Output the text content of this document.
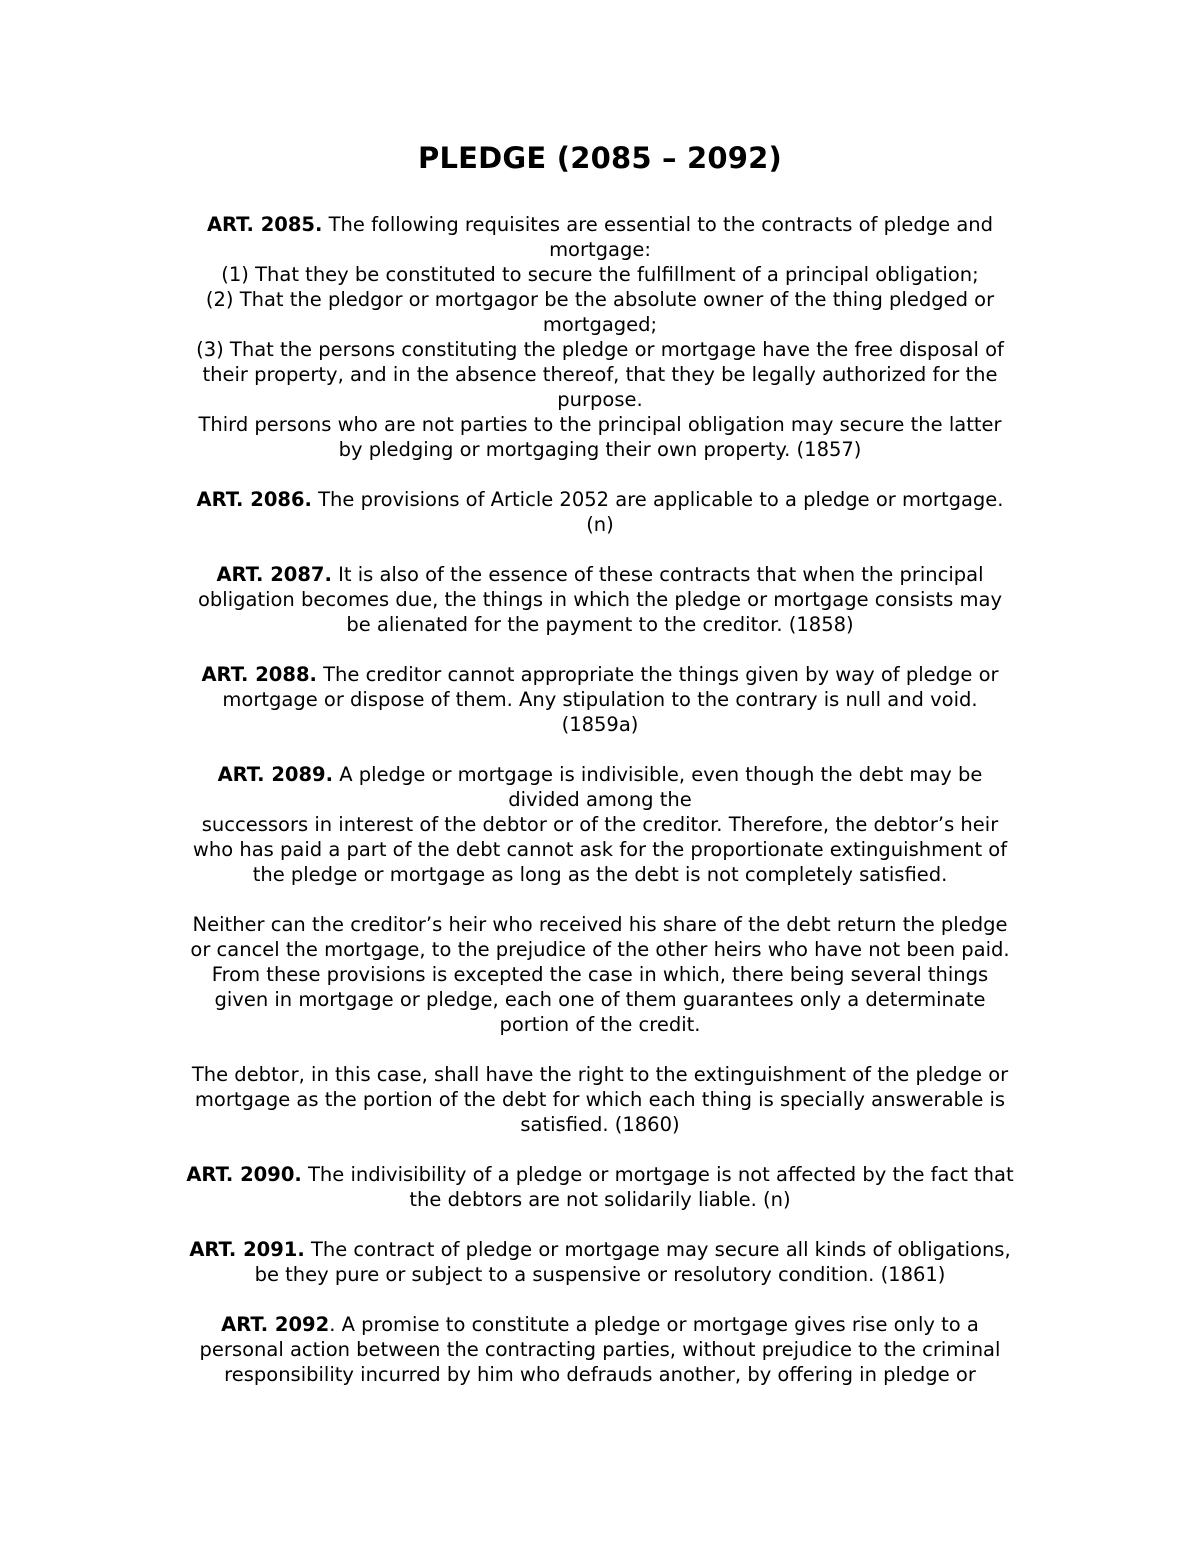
PLEDGE (2085 – 2092)
ART. 2085. The following requisites are essential to the contracts of pledge and
mortgage:
(1) That they be constituted to secure the fulfillment of a principal obligation;
(2) That the pledgor or mortgagor be the absolute owner of the thing pledged or
mortgaged;
(3) That the persons constituting the pledge or mortgage have the free disposal of
their property, and in the absence thereof, that they be legally authorized for the
purpose.
Third persons who are not parties to the principal obligation may secure the latter
by pledging or mortgaging their own property. (1857)
ART. 2086. The provisions of Article 2052 are applicable to a pledge or mortgage.
(n)
ART. 2087. It is also of the essence of these contracts that when the principal
obligation becomes due, the things in which the pledge or mortgage consists may
be alienated for the payment to the creditor. (1858)
ART. 2088. The creditor cannot appropriate the things given by way of pledge or
mortgage or dispose of them. Any stipulation to the contrary is null and void.
(1859a)
ART. 2089. A pledge or mortgage is indivisible, even though the debt may be
divided among the
successors in interest of the debtor or of the creditor. Therefore, the debtor’s heir
who has paid a part of the debt cannot ask for the proportionate extinguishment of
the pledge or mortgage as long as the debt is not completely satisfied.
Neither can the creditor’s heir who received his share of the debt return the pledge
or cancel the mortgage, to the prejudice of the other heirs who have not been paid.
From these provisions is excepted the case in which, there being several things
given in mortgage or pledge, each one of them guarantees only a determinate
portion of the credit.
The debtor, in this case, shall have the right to the extinguishment of the pledge or
mortgage as the portion of the debt for which each thing is specially answerable is
satisfied. (1860)
ART. 2090. The indivisibility of a pledge or mortgage is not affected by the fact that
the debtors are not solidarily liable. (n)
ART. 2091. The contract of pledge or mortgage may secure all kinds of obligations,
be they pure or subject to a suspensive or resolutory condition. (1861)
ART. 2092. A promise to constitute a pledge or mortgage gives rise only to a
personal action between the contracting parties, without prejudice to the criminal
responsibility incurred by him who defrauds another, by offering in pledge or
